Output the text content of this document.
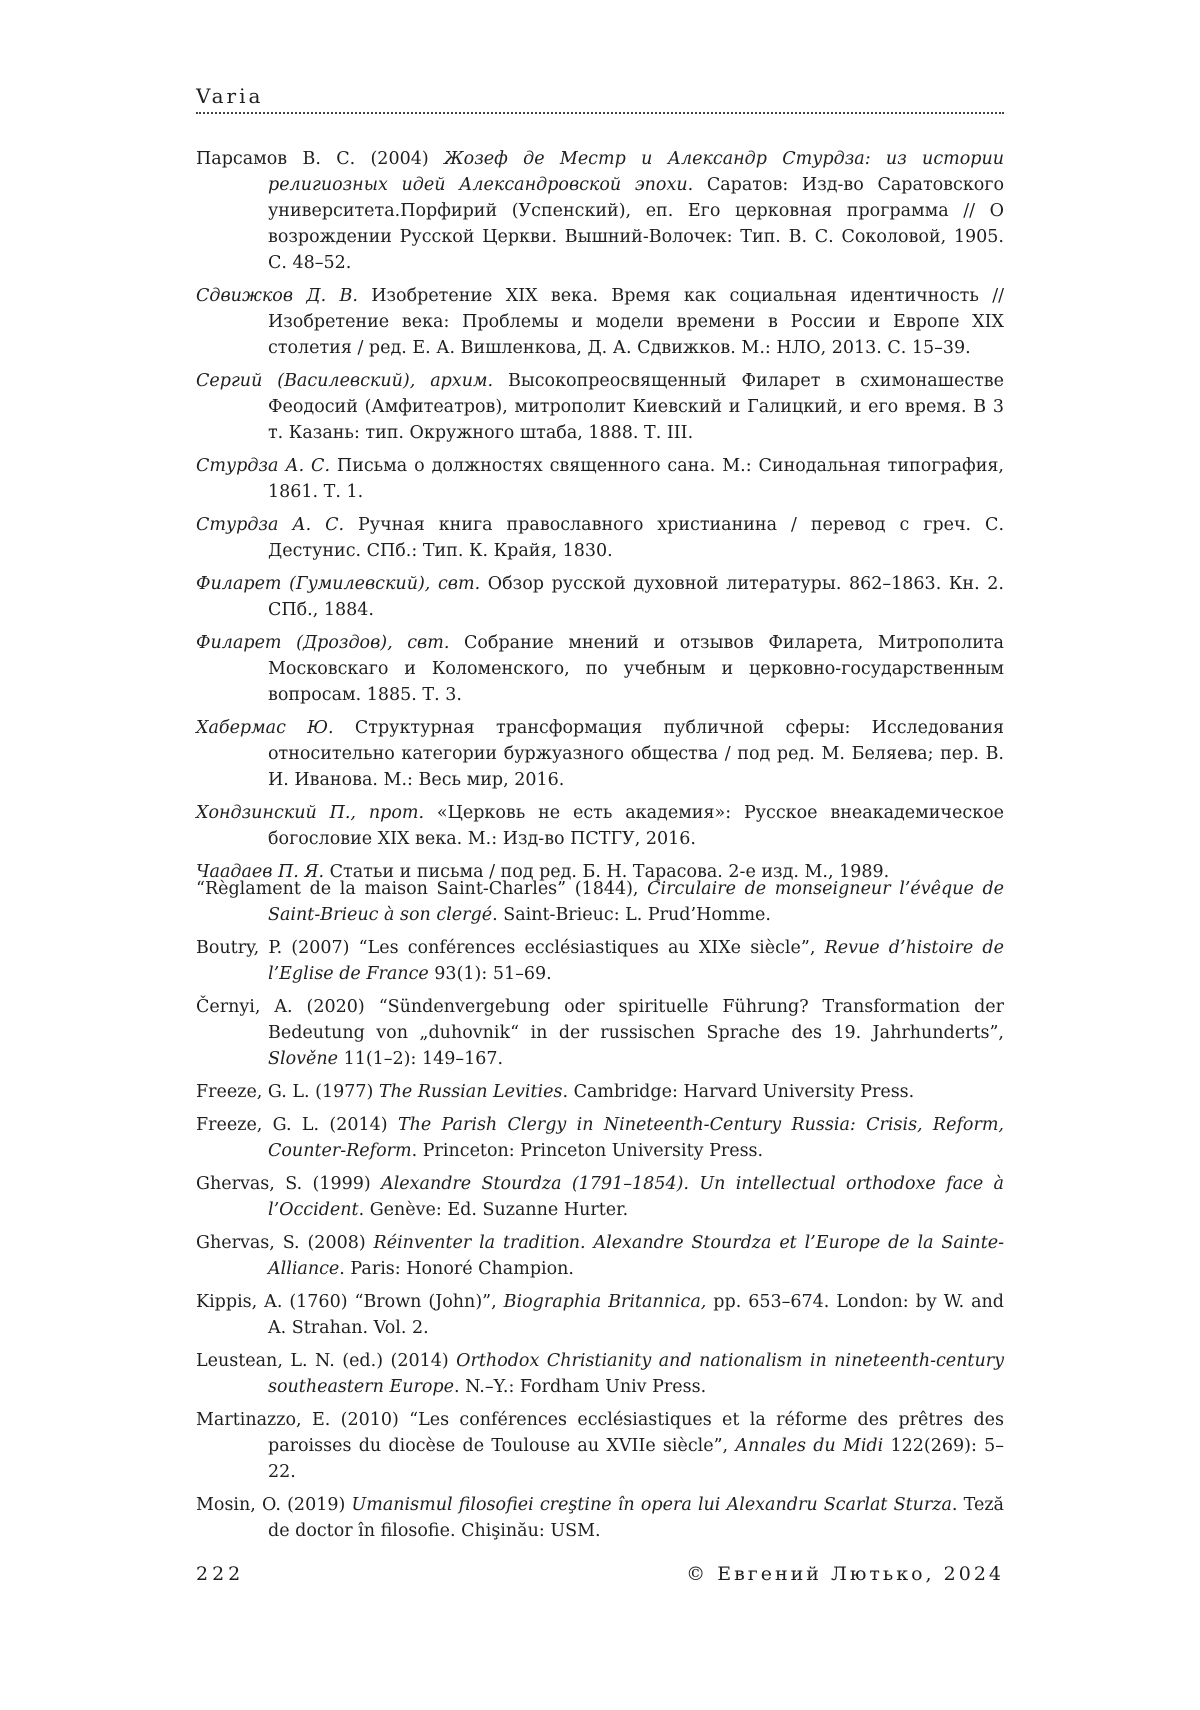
Varia
Парсамов В. С. (2004) Жозеф де Местр и Александр Стурдза: из истории религиозных идей Александровской эпохи. Саратов: Изд-во Саратовского университета.Порфирий (Успенский), еп. Его церковная программа // О возрождении Русской Церкви. Вышний-Волочек: Тип. В. С. Соколовой, 1905. С. 48–52.
Сдвижков Д. В. Изобретение XIX века. Время как социальная идентичность // Изобретение века: Проблемы и модели времени в России и Европе XIX столетия / ред. Е. А. Вишленкова, Д. А. Сдвижков. М.: НЛО, 2013. С. 15–39.
Сергий (Василевский), архим. Высокопреосвященный Филарет в схимонашестве Феодосий (Амфитеатров), митрополит Киевский и Галицкий, и его время. В 3 т. Казань: тип. Окружного штаба, 1888. Т. III.
Стурдза А. С. Письма о должностях священного сана. М.: Синодальная типография, 1861. Т. 1.
Стурдза А. С. Ручная книга православного христианина / перевод с греч. С. Дестунис. СПб.: Тип. К. Крайя, 1830.
Филарет (Гумилевский), свт. Обзор русской духовной литературы. 862–1863. Кн. 2. СПб., 1884.
Филарет (Дроздов), свт. Собрание мнений и отзывов Филарета, Митрополита Московскаго и Коломенского, по учебным и церковно-государственным вопросам. 1885. Т. 3.
Хабермас Ю. Структурная трансформация публичной сферы: Исследования относительно категории буржуазного общества / под ред. М. Беляева; пер. В. И. Иванова. М.: Весь мир, 2016.
Хондзинский П., прот. «Церковь не есть академия»: Русское внеакадемическое богословие XIX века. М.: Изд-во ПСТГУ, 2016.
Чаадаев П. Я. Статьи и письма / под ред. Б. Н. Тарасова. 2-е изд. М., 1989.
“Règlament de la maison Saint-Charles” (1844), Circulaire de monseigneur l’évêque de Saint-Brieuc à son clergé. Saint-Brieuc: L. Prud’Homme.
Boutry, P. (2007) “Les conférences ecclésiastiques au XIXe siècle”, Revue d’histoire de l’Eglise de France 93(1): 51–69.
Černyi, A. (2020) “Sündenvergebung oder spirituelle Führung? Transformation der Bedeutung von „duhovnik“ in der russischen Sprache des 19. Jahrhunderts”, Slověne 11(1–2): 149–167.
Freeze, G. L. (1977) The Russian Levities. Cambridge: Harvard University Press.
Freeze, G. L. (2014) The Parish Clergy in Nineteenth-Century Russia: Crisis, Reform, Counter-Reform. Princeton: Princeton University Press.
Ghervas, S. (1999) Alexandre Stourdza (1791–1854). Un intellectual orthodoxe face à l’Occident. Genève: Ed. Suzanne Hurter.
Ghervas, S. (2008) Réinventer la tradition. Alexandre Stourdza et l’Europe de la Sainte-Alliance. Paris: Honoré Champion.
Kippis, A. (1760) “Brown (John)”, Biographia Britannica, pp. 653–674. London: by W. and A. Strahan. Vol. 2.
Leustean, L. N. (ed.) (2014) Orthodox Christianity and nationalism in nineteenth-century southeastern Europe. N.–Y.: Fordham Univ Press.
Martinazzo, E. (2010) “Les conférences ecclésiastiques et la réforme des prêtres des paroisses du diocèse de Toulouse au XVIIe siècle”, Annales du Midi 122(269): 5–22.
Mosin, O. (2019) Umanismul filosofiei creştine în opera lui Alexandru Scarlat Sturza. Teză de doctor în filosofie. Chişinău: USM.
222	© Евгений Лютько, 2024
